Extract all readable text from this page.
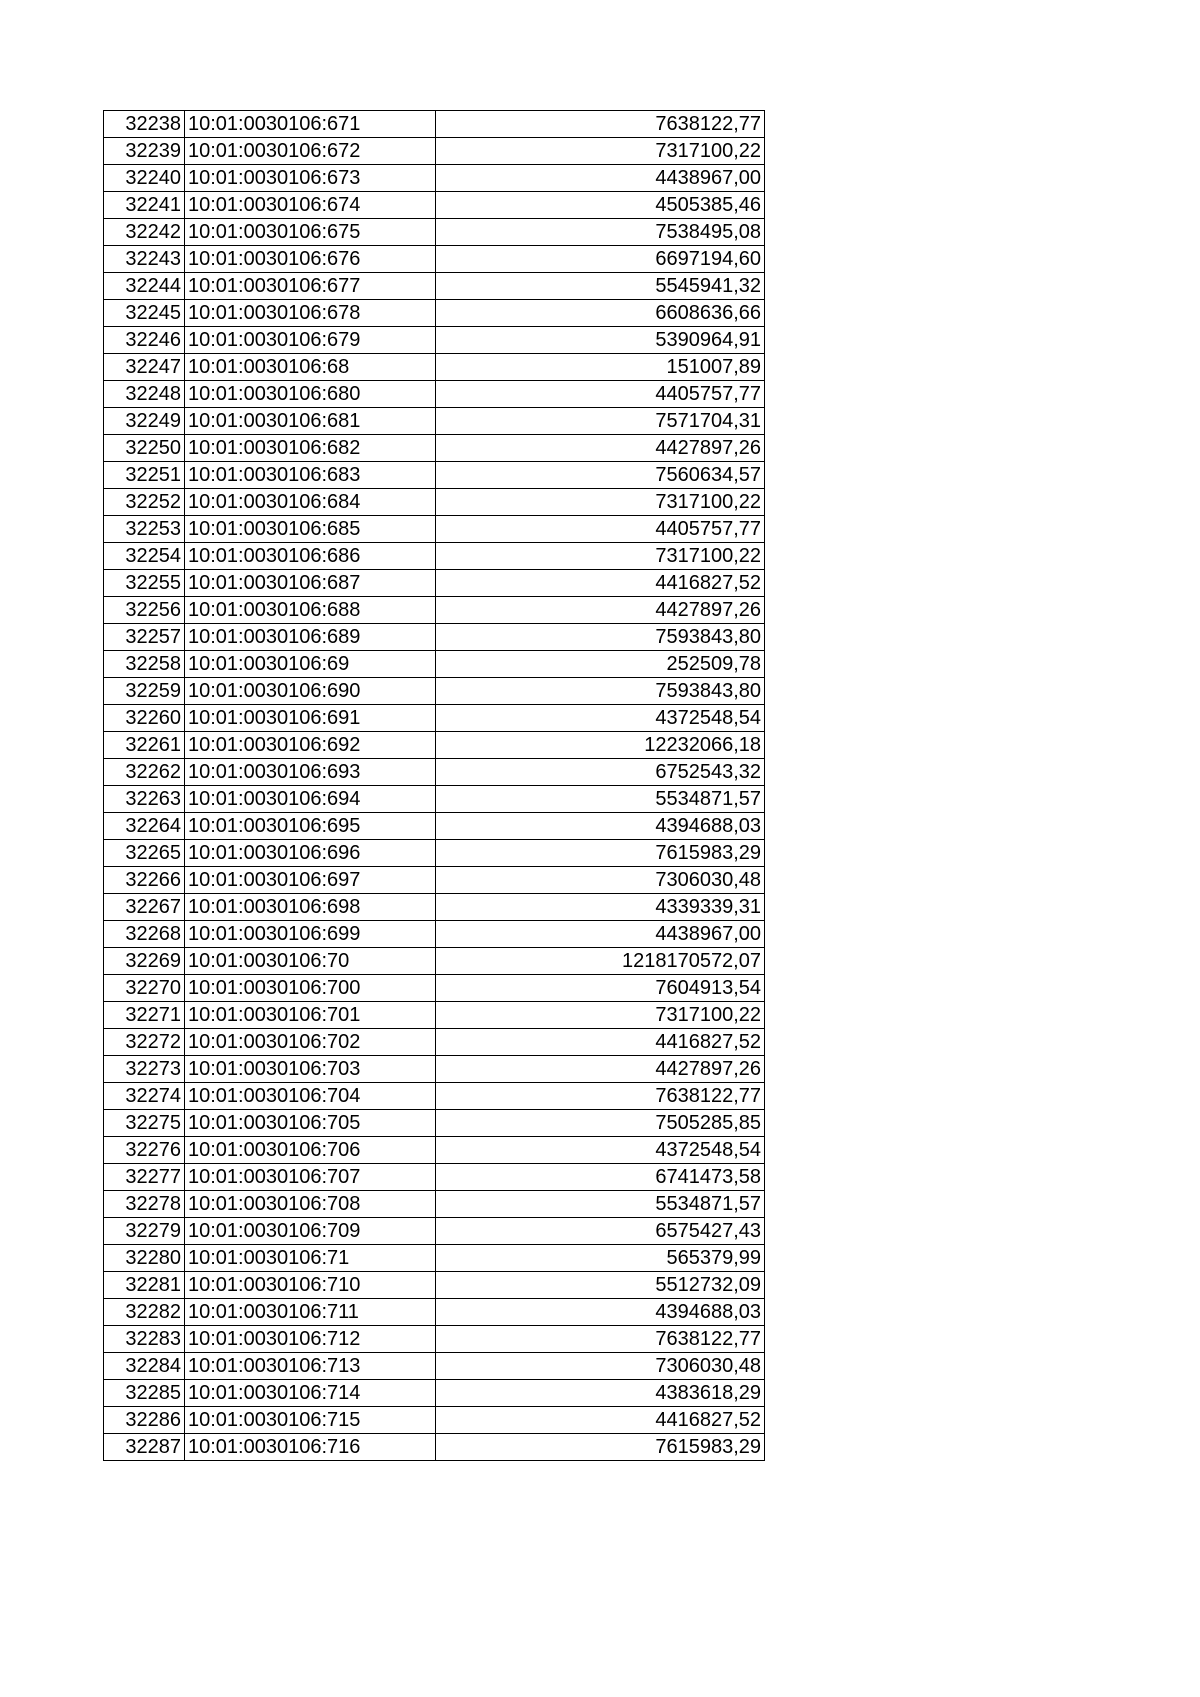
32238	10:01:0030106:671	7638122,77
32239	10:01:0030106:672	7317100,22
32240	10:01:0030106:673	4438967,00
32241	10:01:0030106:674	4505385,46
32242	10:01:0030106:675	7538495,08
32243	10:01:0030106:676	6697194,60
32244	10:01:0030106:677	5545941,32
32245	10:01:0030106:678	6608636,66
32246	10:01:0030106:679	5390964,91
32247	10:01:0030106:68	151007,89
32248	10:01:0030106:680	4405757,77
32249	10:01:0030106:681	7571704,31
32250	10:01:0030106:682	4427897,26
32251	10:01:0030106:683	7560634,57
32252	10:01:0030106:684	7317100,22
32253	10:01:0030106:685	4405757,77
32254	10:01:0030106:686	7317100,22
32255	10:01:0030106:687	4416827,52
32256	10:01:0030106:688	4427897,26
32257	10:01:0030106:689	7593843,80
32258	10:01:0030106:69	252509,78
32259	10:01:0030106:690	7593843,80
32260	10:01:0030106:691	4372548,54
32261	10:01:0030106:692	12232066,18
32262	10:01:0030106:693	6752543,32
32263	10:01:0030106:694	5534871,57
32264	10:01:0030106:695	4394688,03
32265	10:01:0030106:696	7615983,29
32266	10:01:0030106:697	7306030,48
32267	10:01:0030106:698	4339339,31
32268	10:01:0030106:699	4438967,00
32269	10:01:0030106:70	1218170572,07
32270	10:01:0030106:700	7604913,54
32271	10:01:0030106:701	7317100,22
32272	10:01:0030106:702	4416827,52
32273	10:01:0030106:703	4427897,26
32274	10:01:0030106:704	7638122,77
32275	10:01:0030106:705	7505285,85
32276	10:01:0030106:706	4372548,54
32277	10:01:0030106:707	6741473,58
32278	10:01:0030106:708	5534871,57
32279	10:01:0030106:709	6575427,43
32280	10:01:0030106:71	565379,99
32281	10:01:0030106:710	5512732,09
32282	10:01:0030106:711	4394688,03
32283	10:01:0030106:712	7638122,77
32284	10:01:0030106:713	7306030,48
32285	10:01:0030106:714	4383618,29
32286	10:01:0030106:715	4416827,52
32287	10:01:0030106:716	7615983,29
